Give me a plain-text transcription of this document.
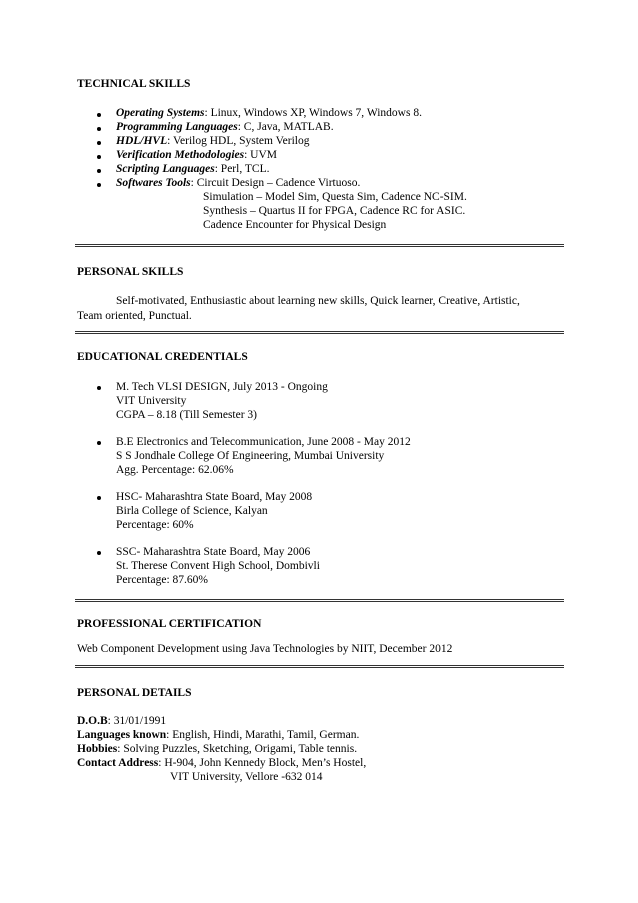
TECHNICAL SKILLS
Operating Systems: Linux, Windows XP, Windows 7, Windows 8.
Programming Languages: C, Java, MATLAB.
HDL/HVL: Verilog HDL, System Verilog
Verification Methodologies: UVM
Scripting Languages: Perl, TCL.
Softwares Tools: Circuit Design – Cadence Virtuoso.
Simulation – Model Sim, Questa Sim, Cadence NC-SIM.
Synthesis – Quartus II for FPGA, Cadence RC for ASIC.
Cadence Encounter for Physical Design
PERSONAL SKILLS
Self-motivated, Enthusiastic about learning new skills, Quick learner, Creative, Artistic,
Team oriented, Punctual.
EDUCATIONAL CREDENTIALS
M. Tech VLSI DESIGN, July 2013 - Ongoing
VIT University
CGPA – 8.18 (Till Semester 3)
B.E Electronics and Telecommunication, June 2008 - May 2012
S S Jondhale College Of Engineering, Mumbai University
Agg. Percentage: 62.06%
HSC- Maharashtra State Board, May 2008
Birla College of Science, Kalyan
Percentage: 60%
SSC- Maharashtra State Board, May 2006
St. Therese Convent High School, Dombivli
Percentage: 87.60%
PROFESSIONAL CERTIFICATION
Web Component Development using Java Technologies by NIIT, December 2012
PERSONAL DETAILS
D.O.B: 31/01/1991
Languages known: English, Hindi, Marathi, Tamil, German.
Hobbies: Solving Puzzles, Sketching, Origami, Table tennis.
Contact Address: H-904, John Kennedy Block, Men’s Hostel,
VIT University, Vellore -632 014
